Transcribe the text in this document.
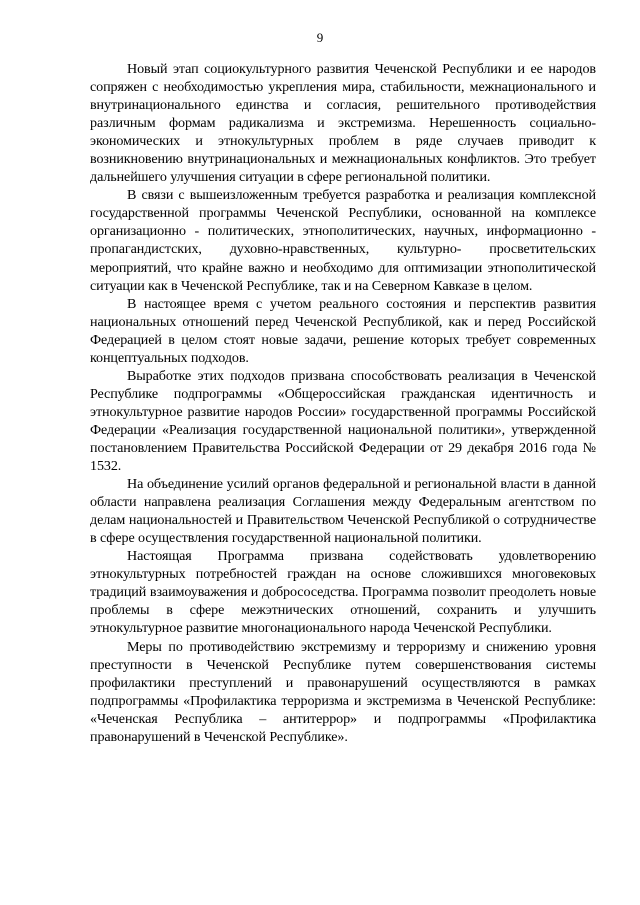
9

Новый этап социокультурного развития Чеченской Республики и ее народов сопряжен с необходимостью укрепления мира, стабильности, межнационального и внутринационального единства и согласия, решительного противодействия различным формам радикализма и экстремизма. Нерешенность социально-экономических и этнокультурных проблем в ряде случаев приводит к возникновению внутринациональных и межнациональных конфликтов. Это требует дальнейшего улучшения ситуации в сфере региональной политики.

В связи с вышеизложенным требуется разработка и реализация комплексной государственной программы Чеченской Республики, основанной на комплексе организационно - политических, этнополитических, научных, информационно - пропагандистских, духовно-нравственных, культурно- просветительских мероприятий, что крайне важно и необходимо для оптимизации этнополитической ситуации как в Чеченской Республике, так и на Северном Кавказе в целом.

В настоящее время с учетом реального состояния и перспектив развития национальных отношений перед Чеченской Республикой, как и перед Российской Федерацией в целом стоят новые задачи, решение которых требует современных концептуальных подходов.

Выработке этих подходов призвана способствовать реализация в Чеченской Республике подпрограммы «Общероссийская гражданская идентичность и этнокультурное развитие народов России» государственной программы Российской Федерации «Реализация государственной национальной политики», утвержденной постановлением Правительства Российской Федерации от 29 декабря 2016 года № 1532.

На объединение усилий органов федеральной и региональной власти в данной области направлена реализация Соглашения между Федеральным агентством по делам национальностей и Правительством Чеченской Республикой о сотрудничестве в сфере осуществления государственной национальной политики.

Настоящая Программа призвана содействовать удовлетворению этнокультурных потребностей граждан на основе сложившихся многовековых традиций взаимоуважения и добрососедства. Программа позволит преодолеть новые проблемы в сфере межэтнических отношений, сохранить и улучшить этнокультурное развитие многонационального народа Чеченской Республики.

Меры по противодействию экстремизму и терроризму и снижению уровня преступности в Чеченской Республике путем совершенствования системы профилактики преступлений и правонарушений осуществляются в рамках подпрограммы «Профилактика терроризма и экстремизма в Чеченской Республике: «Чеченская Республика – антитеррор» и подпрограммы «Профилактика правонарушений в Чеченской Республике».
